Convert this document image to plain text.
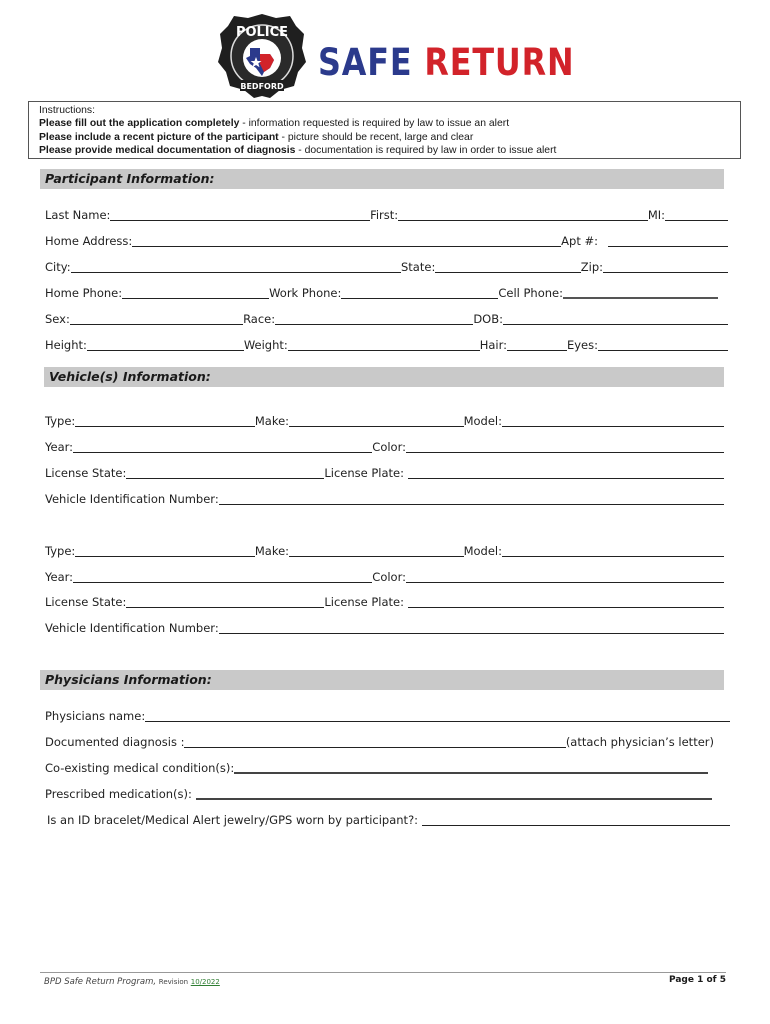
POLICE
BEDFORD
SAFE RETURN
Instructions:
Please fill out the application completely - information requested is required by law to issue an alert
Please include a recent picture of the participant - picture should be recent, large and clear
Please provide medical documentation of diagnosis - documentation is required by law in order to issue alert
Participant Information:
Last Name:	First:	MI:
Home Address:	Apt #:
City:	State:	Zip:
Home Phone:	Work Phone:	Cell Phone:
Sex:	Race:	DOB:
Height:	Weight:	Hair:	Eyes:
Vehicle(s) Information:
Type:	Make:	Model:
Year:	Color:
License State:	License Plate:
Vehicle Identification Number:
Type:	Make:	Model:
Year:	Color:
License State:	License Plate:
Vehicle Identification Number:
Physicians Information:
Physicians name:
Documented diagnosis :	(attach physician’s letter)
Co-existing medical condition(s):
Prescribed medication(s):
Is an ID bracelet/Medical Alert jewelry/GPS worn by participant?:
BPD Safe Return Program, Revision 10/2022	Page 1 of 5
